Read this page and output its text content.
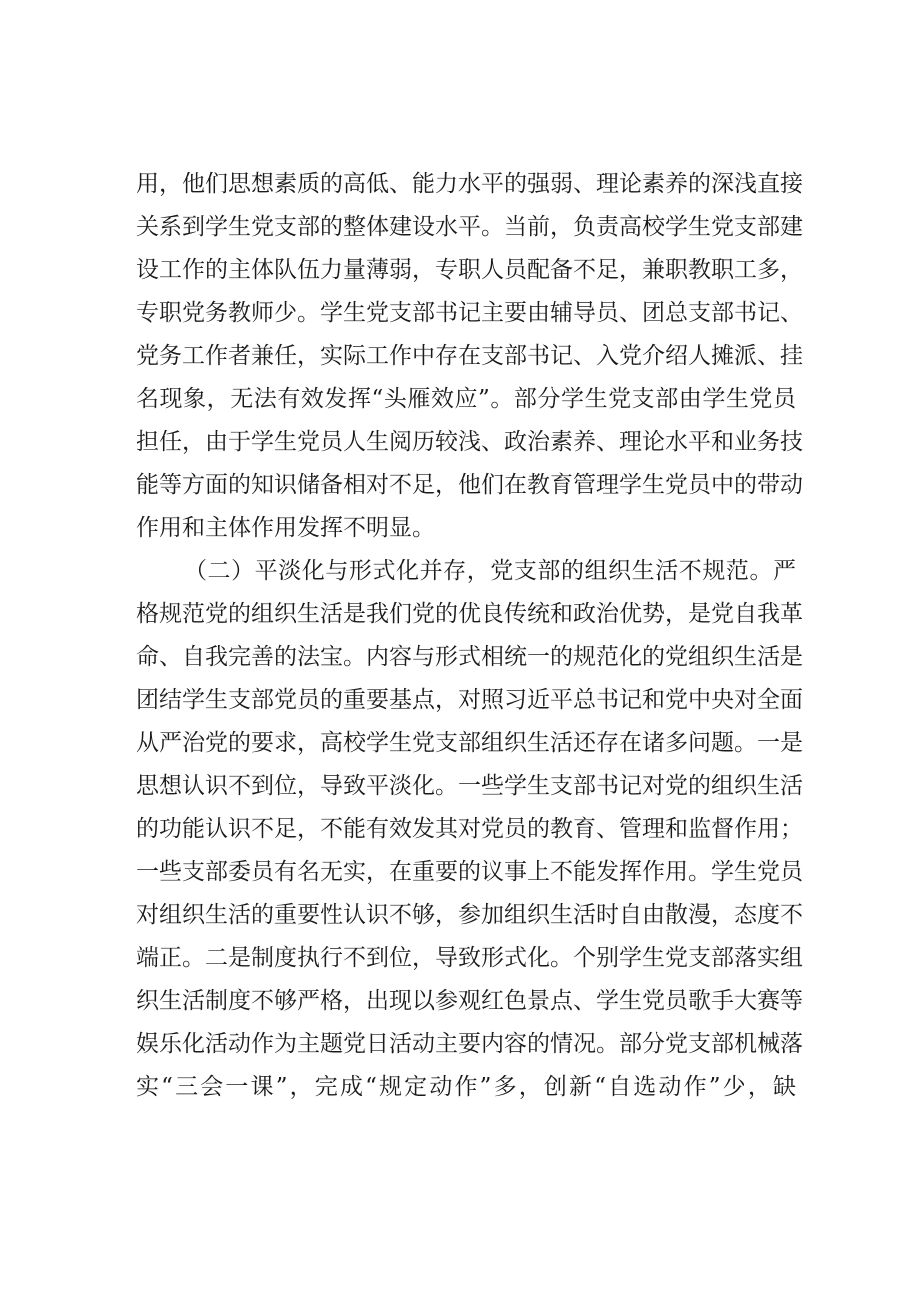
用，他们思想素质的高低、能力水平的强弱、理论素养的深浅直接
关系到学生党支部的整体建设水平。当前，负责高校学生党支部建
设工作的主体队伍力量薄弱，专职人员配备不足，兼职教职工多，
专职党务教师少。学生党支部书记主要由辅导员、团总支部书记、
党务工作者兼任，实际工作中存在支部书记、入党介绍人摊派、挂
名现象，无法有效发挥“头雁效应”。部分学生党支部由学生党员
担任，由于学生党员人生阅历较浅、政治素养、理论水平和业务技
能等方面的知识储备相对不足，他们在教育管理学生党员中的带动
作用和主体作用发挥不明显。
（二）平淡化与形式化并存，党支部的组织生活不规范。严
格规范党的组织生活是我们党的优良传统和政治优势，是党自我革
命、自我完善的法宝。内容与形式相统一的规范化的党组织生活是
团结学生支部党员的重要基点，对照习近平总书记和党中央对全面
从严治党的要求，高校学生党支部组织生活还存在诸多问题。一是
思想认识不到位，导致平淡化。一些学生支部书记对党的组织生活
的功能认识不足，不能有效发其对党员的教育、管理和监督作用；
一些支部委员有名无实，在重要的议事上不能发挥作用。学生党员
对组织生活的重要性认识不够，参加组织生活时自由散漫，态度不
端正。二是制度执行不到位，导致形式化。个别学生党支部落实组
织生活制度不够严格，出现以参观红色景点、学生党员歌手大赛等
娱乐化活动作为主题党日活动主要内容的情况。部分党支部机械落
实“三会一课”，完成“规定动作”多，创新“自选动作”少，缺
